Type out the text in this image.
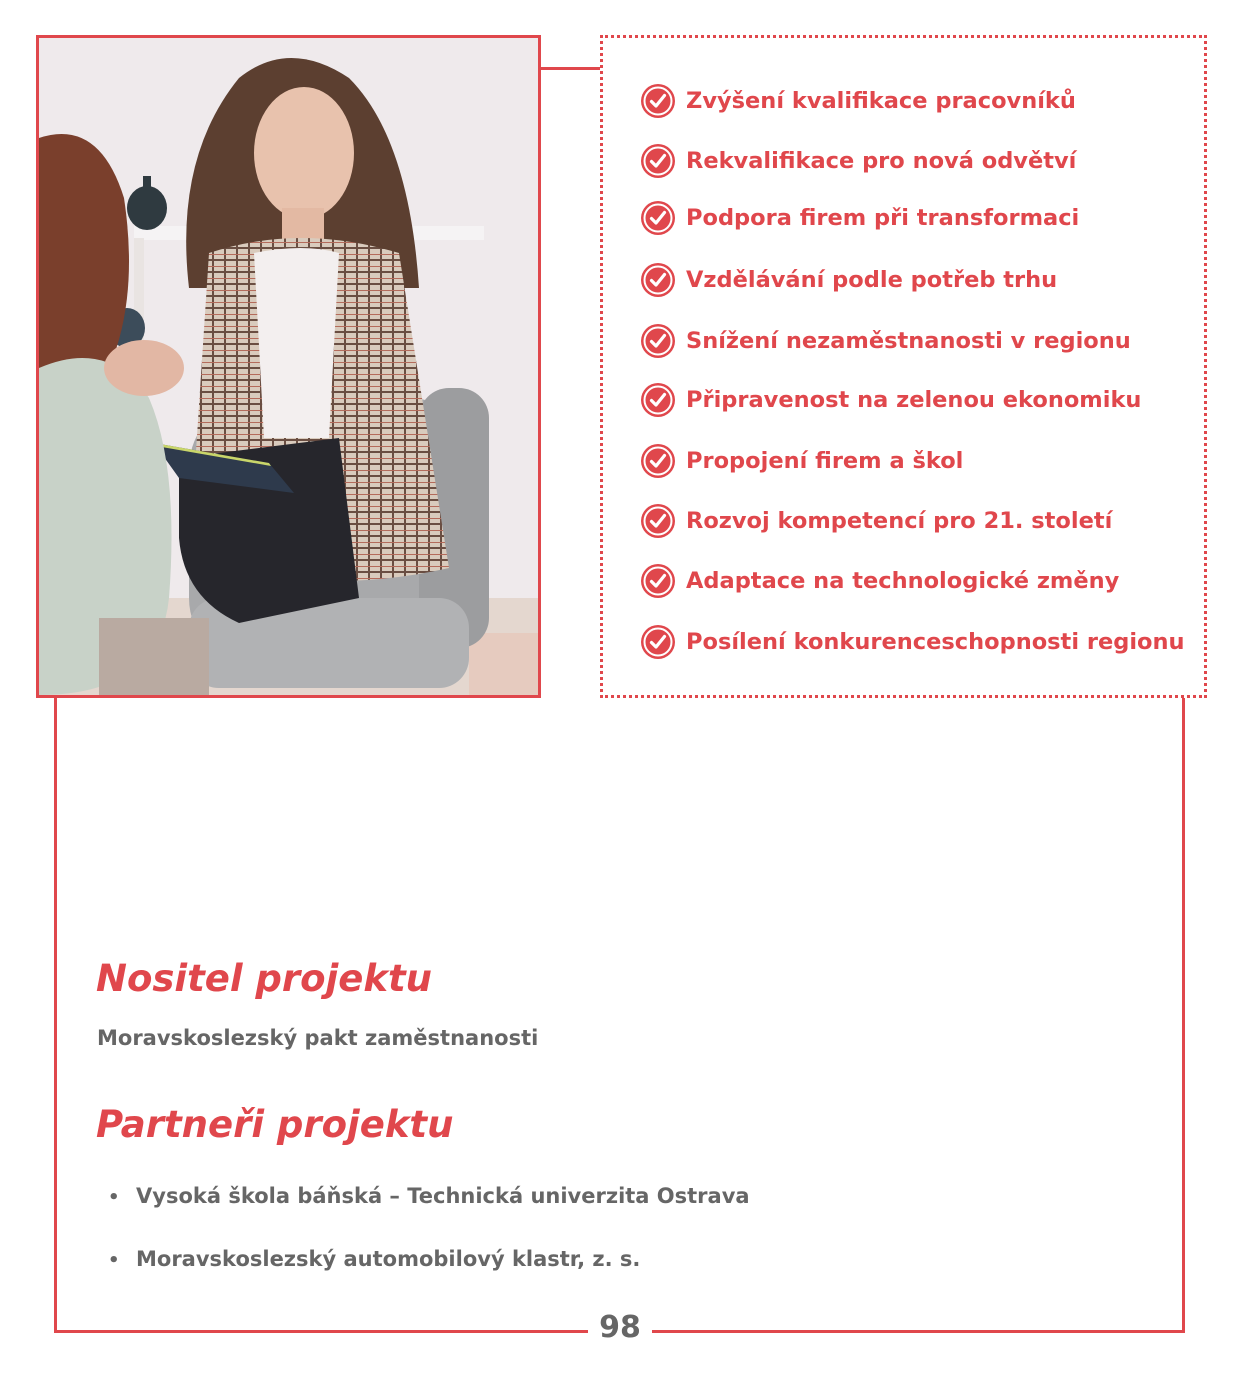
Zvýšení kvalifikace pracovníků
Rekvalifikace pro nová odvětví
Podpora firem při transformaci
Vzdělávání podle potřeb trhu
Snížení nezaměstnanosti v regionu
Připravenost na zelenou ekonomiku
Propojení firem a škol
Rozvoj kompetencí pro 21. století
Adaptace na technologické změny
Posílení konkurenceschopnosti regionu
Nositel projektu
Moravskoslezský pakt zaměstnanosti
Partneři projektu
• Vysoká škola báňská – Technická univerzita Ostrava
• Moravskoslezský automobilový klastr, z. s.
98
